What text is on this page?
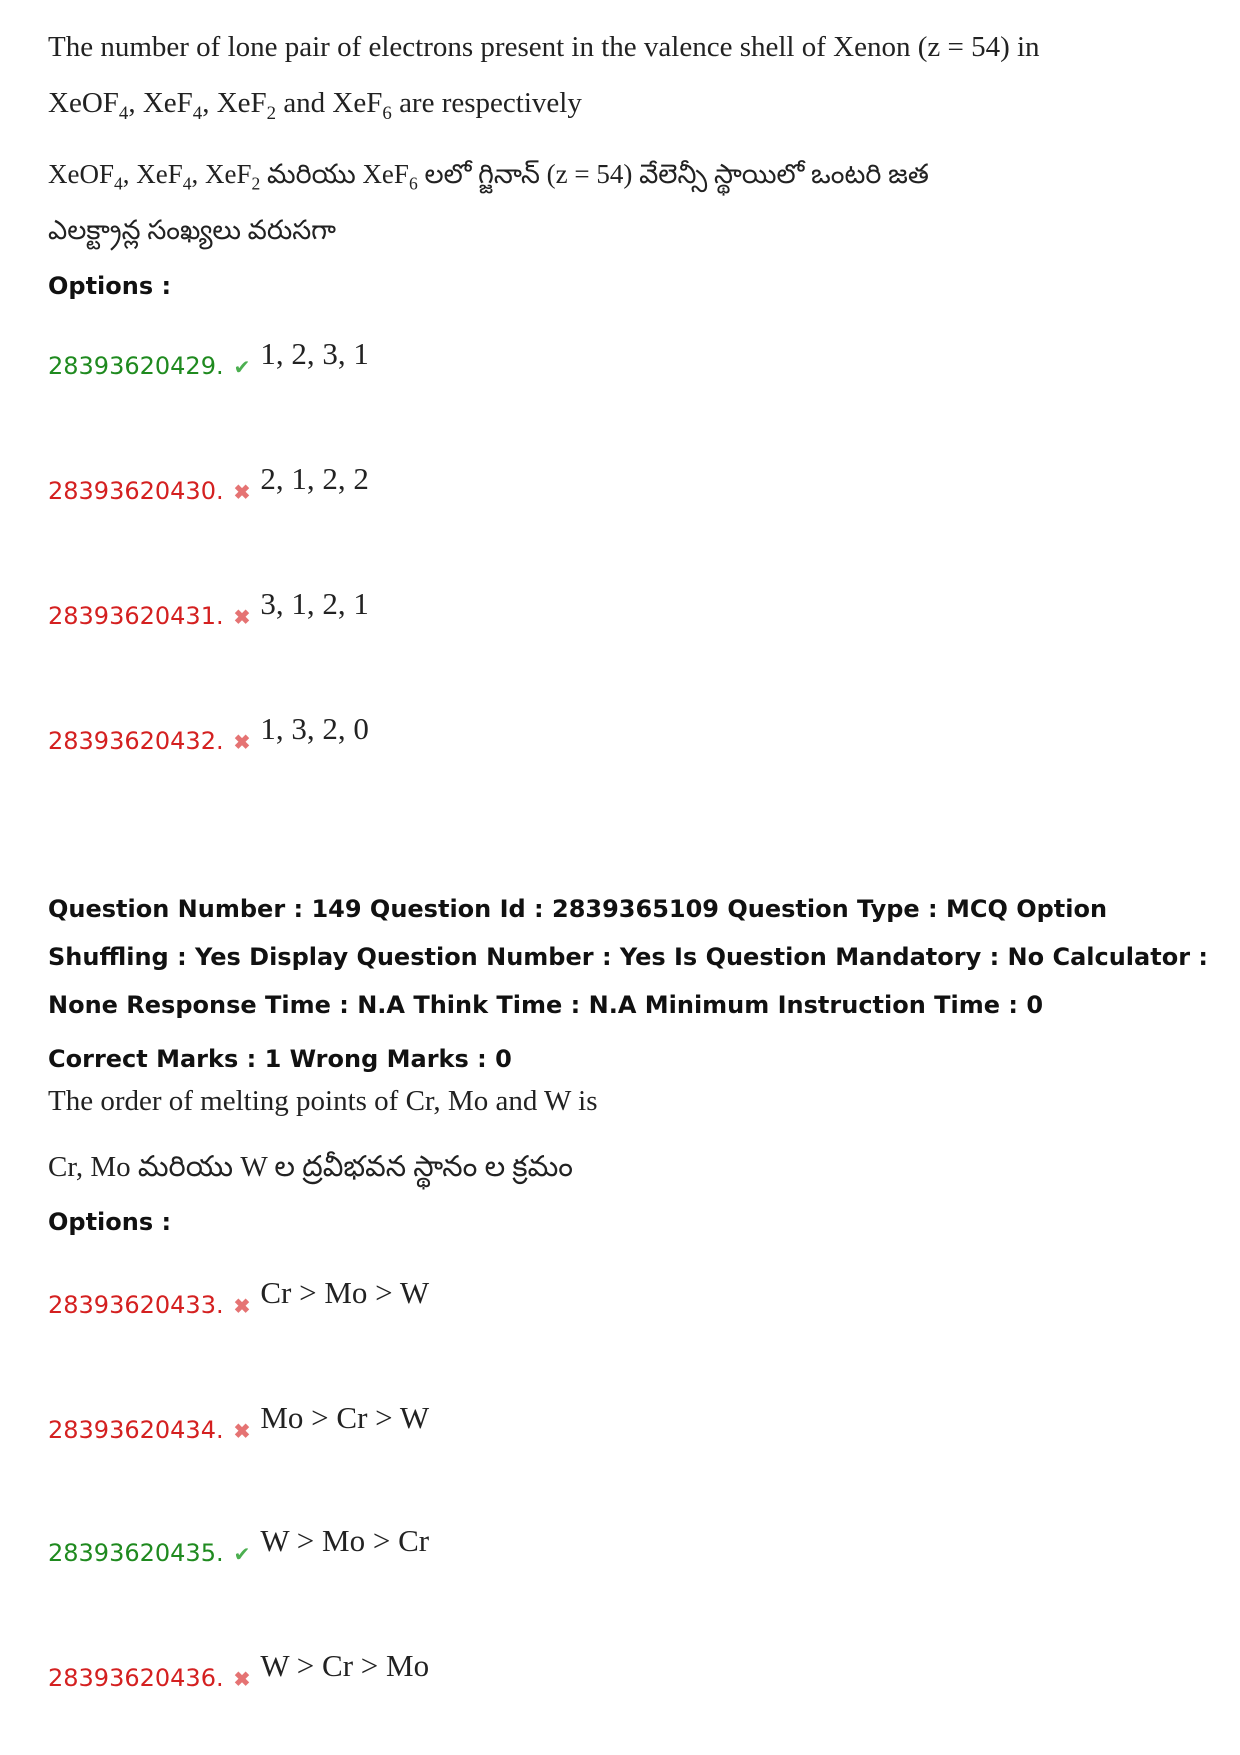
The number of lone pair of electrons present in the valence shell of Xenon (z = 54) in
XeOF$_4$, XeF$_4$, XeF$_2$ and XeF$_6$ are respectively
XeOF$_4$, XeF$_4$, XeF$_2$ మరియు XeF$_6$ లలో గ్జినాన్ (z = 54) వేలెన్సీ స్థాయిలో ఒంటరి జత
ఎలక్ట్రాన్ల సంఖ్యలు వరుసగా
Options :
28393620429. ✔ 1, 2, 3, 1
28393620430. ✖ 2, 1, 2, 2
28393620431. ✖ 3, 1, 2, 1
28393620432. ✖ 1, 3, 2, 0
Question Number : 149 Question Id : 2839365109 Question Type : MCQ Option Shuffling : Yes Display Question Number : Yes Is Question Mandatory : No Calculator : None Response Time : N.A Think Time : N.A Minimum Instruction Time : 0
Correct Marks : 1 Wrong Marks : 0
The order of melting points of Cr, Mo and W is
Cr, Mo మరియు W ల ద్రవీభవన స్థానం ల క్రమం
Options :
28393620433. ✖ Cr > Mo > W
28393620434. ✖ Mo > Cr > W
28393620435. ✔ W > Mo > Cr
28393620436. ✖ W > Cr > Mo
